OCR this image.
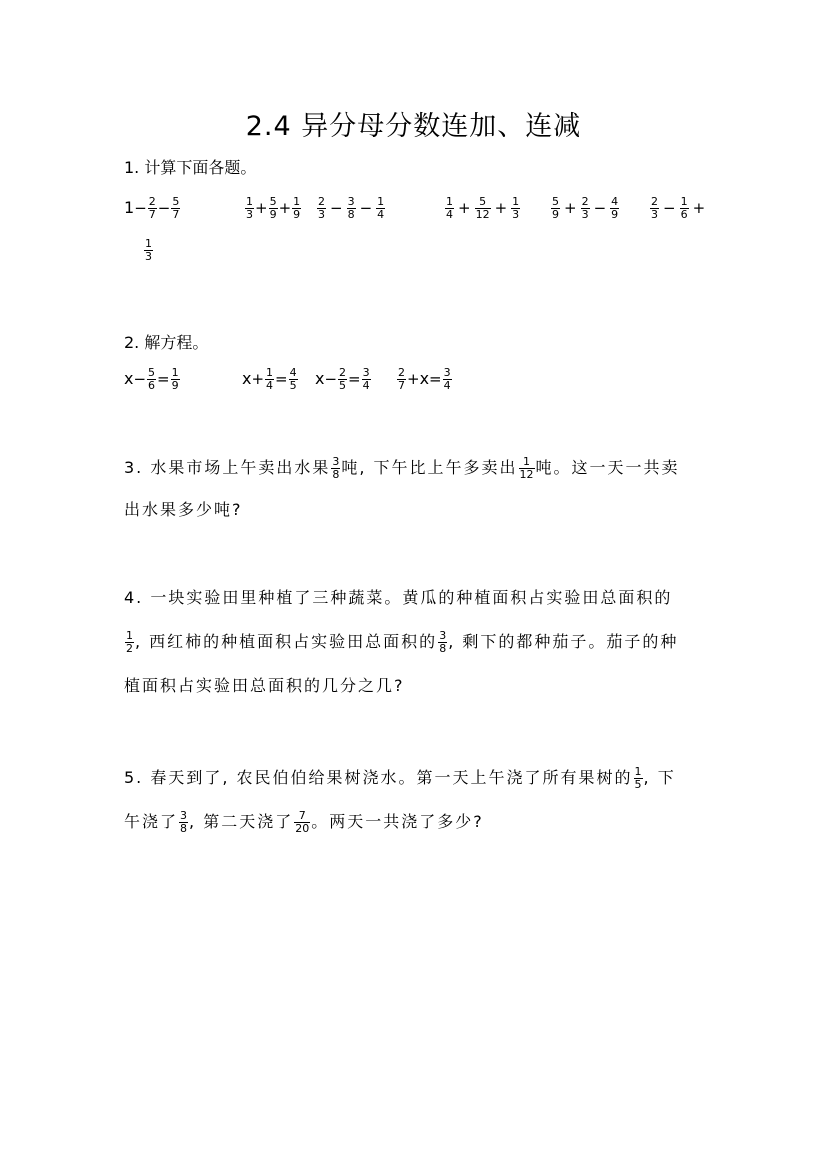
2.4 异分母分数连加、连减
1. 计算下面各题。
$1- \frac{2}{7} - \frac{5}{7}$	$\frac{1}{3} + \frac{5}{9} + \frac{1}{9} \frac{2}{3} - \frac{3}{8} - \frac{1}{4}$	$\frac{1}{4} + \frac{5}{12} + \frac{1}{3}$	$\frac{5}{9} + \frac{2}{3} - \frac{4}{9}$	$\frac{2}{3} - \frac{1}{6}$ +
$\frac{1}{3}$
2. 解方程。
$x- \frac{5}{6} = \frac{1}{9}$	$x+ \frac{1}{4} = \frac{4}{5} x- \frac{2}{5} = \frac{3}{4} \frac{2}{7} +x= \frac{3}{4}$
3. 水果市场上午卖出水果 $\frac{3}{8}$ 吨, 下午比上午多卖出 $\frac{1}{12}$ 吨。这一天一共卖
出水果多少吨?
4. 一块实验田里种植了三种蔬菜。黄瓜的种植面积占实验田总面积的
$\frac{1}{2}$ , 西红柿的种植面积占实验田总面积的 $\frac{3}{8}$ , 剩下的都种茄子。茄子的种
植面积占实验田总面积的几分之几?
5. 春天到了, 农民伯伯给果树浇水。第一天上午浇了所有果树的 $\frac{1}{5}$ , 下
午浇了 $\frac{3}{8}$ , 第二天浇了 $\frac{7}{20}$ 。两天一共浇了多少?
